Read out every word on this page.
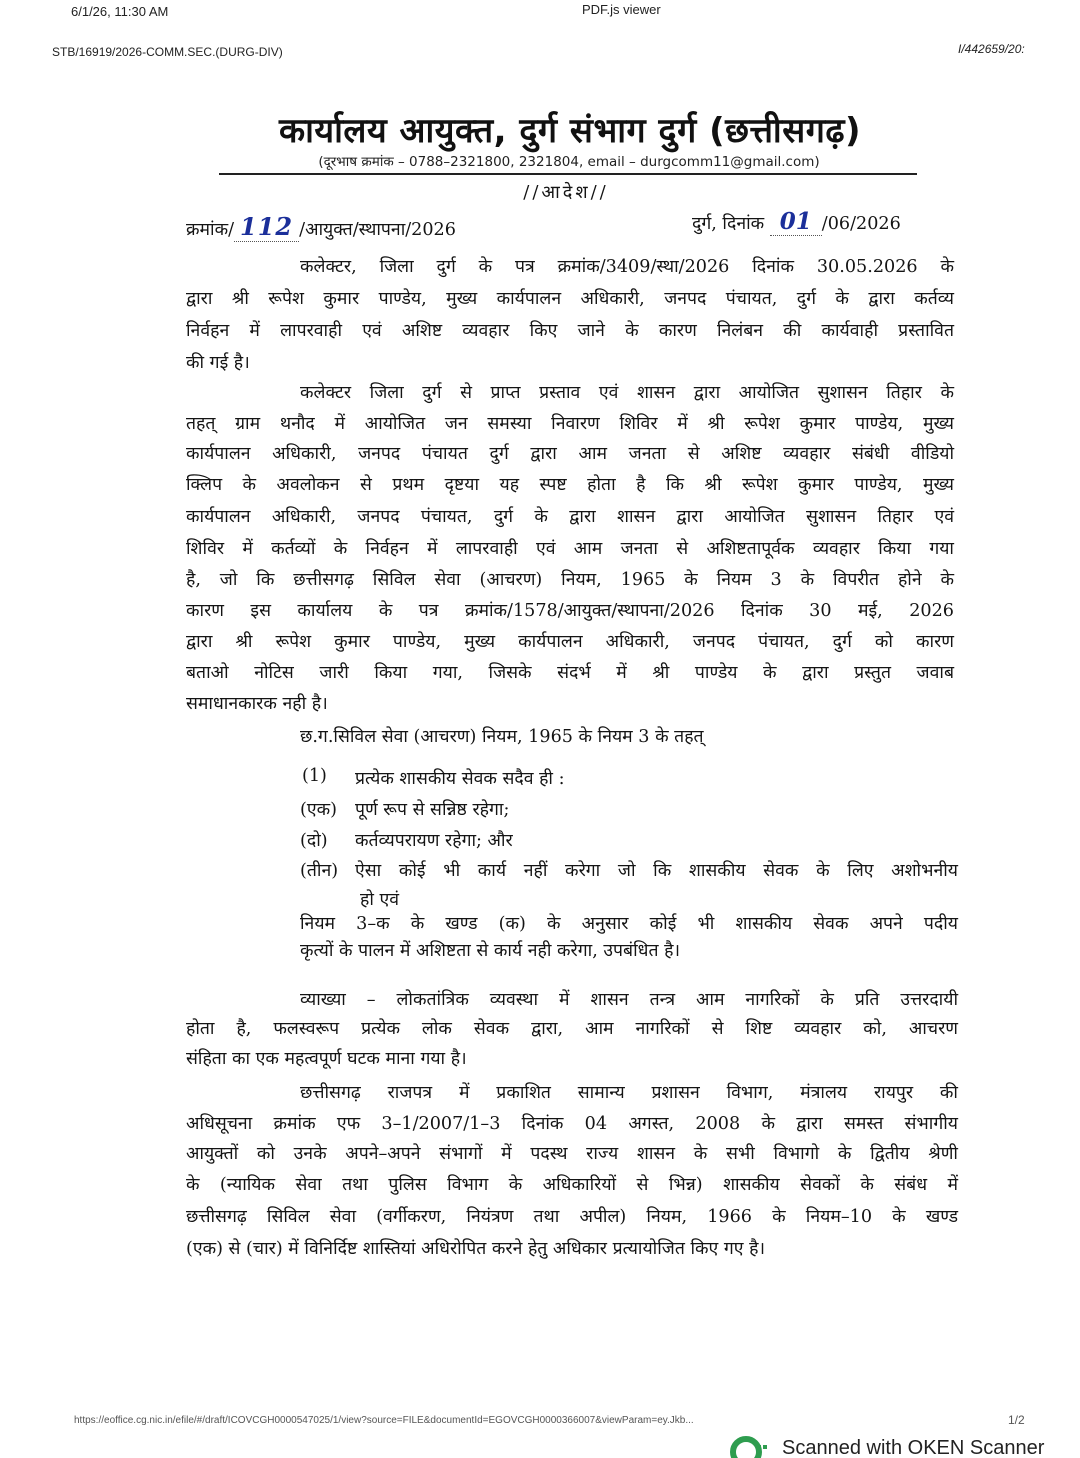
6/1/26, 11:30 AM	PDF.js viewer
STB/16919/2026-COMM.SEC.(DURG-DIV)	I/442659/20:
कार्यालय आयुक्त, दुर्ग संभाग दुर्ग (छत्तीसगढ़)
(दूरभाष क्रमांक – 0788–2321800, 2321804, email – durgcomm11@gmail.com)
//आदेश//
क्रमांक/ 112 /आयुक्त/स्थापना/2026	दुर्ग, दिनांक 01 /06/2026
कलेक्टर, जिला दुर्ग के पत्र क्रमांक/3409/स्था/2026 दिनांक 30.05.2026 के
द्वारा श्री रूपेश कुमार पाण्डेय, मुख्य कार्यपालन अधिकारी, जनपद पंचायत, दुर्ग के द्वारा कर्तव्य
निर्वहन में लापरवाही एवं अशिष्ट व्यवहार किए जाने के कारण निलंबन की कार्यवाही प्रस्तावित
की गई है।
कलेक्टर जिला दुर्ग से प्राप्त प्रस्ताव एवं शासन द्वारा आयोजित सुशासन तिहार के
तहत् ग्राम थनौद में आयोजित जन समस्या निवारण शिविर में श्री रूपेश कुमार पाण्डेय, मुख्य
कार्यपालन अधिकारी, जनपद पंचायत दुर्ग द्वारा आम जनता से अशिष्ट व्यवहार संबंधी वीडियो
क्लिप के अवलोकन से प्रथम दृष्टया यह स्पष्ट होता है कि श्री रूपेश कुमार पाण्डेय, मुख्य
कार्यपालन अधिकारी, जनपद पंचायत, दुर्ग के द्वारा शासन द्वारा आयोजित सुशासन तिहार एवं
शिविर में कर्तव्यों के निर्वहन में लापरवाही एवं आम जनता से अशिष्टतापूर्वक व्यवहार किया गया
है, जो कि छत्तीसगढ़ सिविल सेवा (आचरण) नियम, 1965 के नियम 3 के विपरीत होने के
कारण इस कार्यालय के पत्र क्रमांक/1578/आयुक्त/स्थापना/2026 दिनांक 30 मई, 2026
द्वारा श्री रूपेश कुमार पाण्डेय, मुख्य कार्यपालन अधिकारी, जनपद पंचायत, दुर्ग को कारण
बताओ नोटिस जारी किया गया, जिसके संदर्भ में श्री पाण्डेय के द्वारा प्रस्तुत जवाब
समाधानकारक नही है।
छ.ग.सिविल सेवा (आचरण) नियम, 1965 के नियम 3 के तहत्
(1) प्रत्येक शासकीय सेवक सदैव ही :
(एक) पूर्ण रूप से सन्निष्ठ रहेगा;
(दो) कर्तव्यपरायण रहेगा; और
(तीन) ऐसा कोई भी कार्य नहीं करेगा जो कि शासकीय सेवक के लिए अशोभनीय
हो एवं
नियम 3–क के खण्ड (क) के अनुसार कोई भी शासकीय सेवक अपने पदीय
कृत्यों के पालन में अशिष्टता से कार्य नही करेगा, उपबंधित है।
व्याख्या – लोकतांत्रिक व्यवस्था में शासन तन्त्र आम नागरिकों के प्रति उत्तरदायी
होता है, फलस्वरूप प्रत्येक लोक सेवक द्वारा, आम नागरिकों से शिष्ट व्यवहार को, आचरण
संहिता का एक महत्वपूर्ण घटक माना गया है।
छत्तीसगढ़ राजपत्र में प्रकाशित सामान्य प्रशासन विभाग, मंत्रालय रायपुर की
अधिसूचना क्रमांक एफ 3–1/2007/1–3 दिनांक 04 अगस्त, 2008 के द्वारा समस्त संभागीय
आयुक्तों को उनके अपने–अपने संभागों में पदस्थ राज्य शासन के सभी विभागो के द्वितीय श्रेणी
के (न्यायिक सेवा तथा पुलिस विभाग के अधिकारियों से भिन्न) शासकीय सेवकों के संबंध में
छत्तीसगढ़ सिविल सेवा (वर्गीकरण, नियंत्रण तथा अपील) नियम, 1966 के नियम–10 के खण्ड
(एक) से (चार) में विनिर्दिष्ट शास्तियां अधिरोपित करने हेतु अधिकार प्रत्यायोजित किए गए है।
https://eoffice.cg.nic.in/efile/#/draft/ICOVCGH0000547025/1/view?source=FILE&documentId=EGOVCGH0000366007&viewParam=ey.Jkb...	1/2
Scanned with OKEN Scanner
